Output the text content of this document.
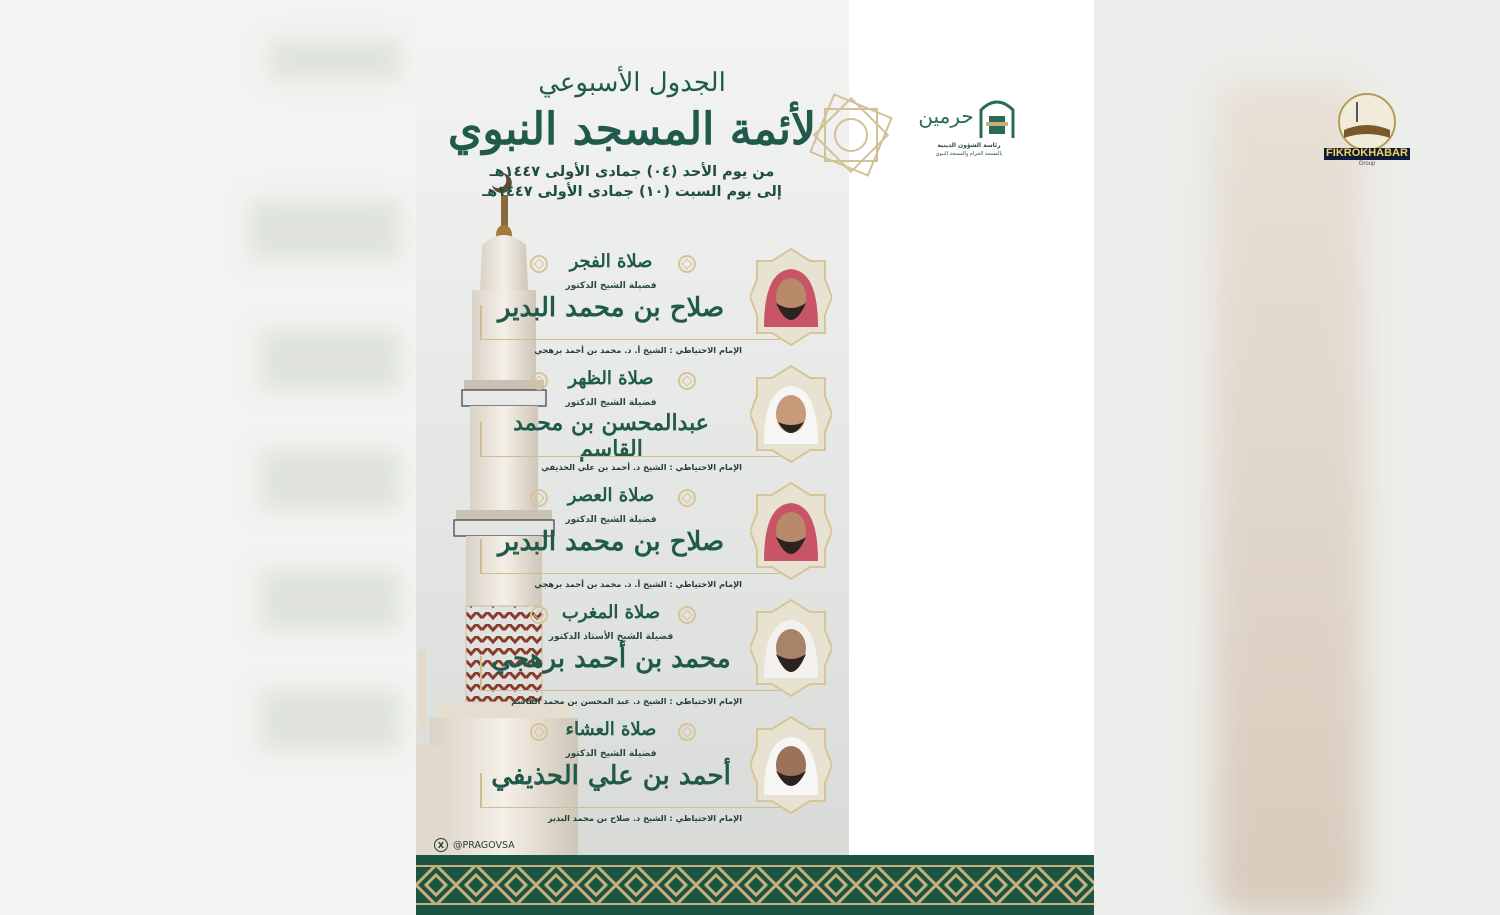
الجدول الأسبوعي
لأئمة المسجد النبوي
من يوم الأحد (٠٤) جمادى الأولى ١٤٤٧هـ
إلى يوم السبت (١٠) جمادى الأولى ١٤٤٧هـ
حرمين
رئاسة الشؤون الدينية
بالمسجد الحرام والمسجد النبوي
صلاة الفجر
فضيلة الشيخ الدكتور
صلاح بن محمد البدير
الإمام الاحتياطي : الشيخ أ. د. محمد بن أحمد برهجي
صلاة الظهر
فضيلة الشيخ الدكتور
عبدالمحسن بن محمد القاسم
الإمام الاحتياطي : الشيخ د. أحمد بن علي الحذيفي
صلاة العصر
فضيلة الشيخ الدكتور
صلاح بن محمد البدير
الإمام الاحتياطي : الشيخ أ. د. محمد بن أحمد برهجي
صلاة المغرب
فضيلة الشيخ الأستاذ الدكتور
محمد بن أحمد برهجي
الإمام الاحتياطي : الشيخ د. عبد المحسن بن محمد القاسم
صلاة العشاء
فضيلة الشيخ الدكتور
أحمد بن علي الحذيفي
الإمام الاحتياطي : الشيخ د. صلاح بن محمد البدير
X @PRAGOVSA
FIKROKHABAR
Group
